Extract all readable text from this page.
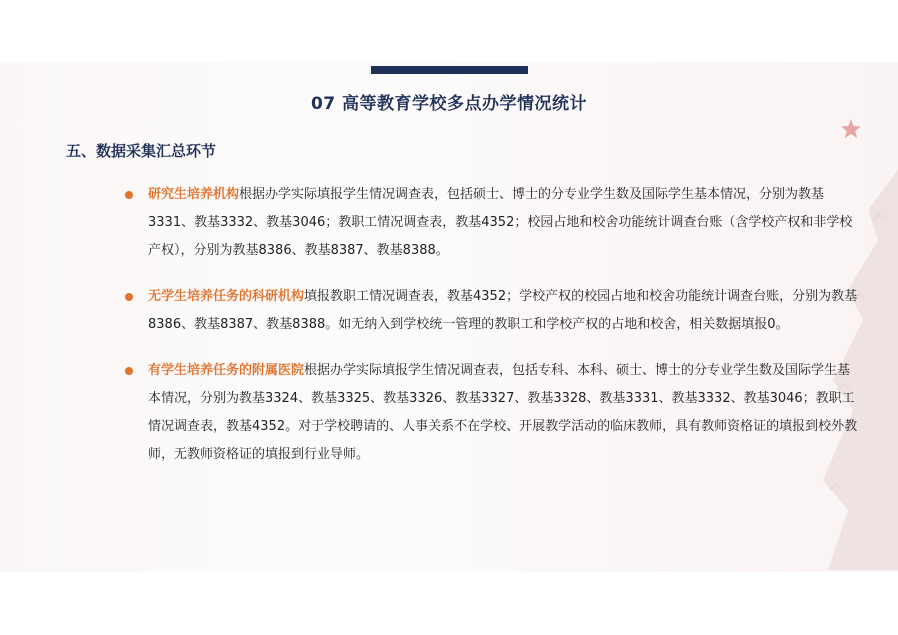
07 高等教育学校多点办学情况统计
五、数据采集汇总环节
研究生培养机构根据办学实际填报学生情况调查表，包括硕士、博士的分专业学生数及国际学生基本情况，分别为教基3331、教基3332、教基3046；教职工情况调查表，教基4352；校园占地和校舍功能统计调查台账（含学校产权和非学校产权），分别为教基8386、教基8387、教基8388。
无学生培养任务的科研机构填报教职工情况调查表，教基4352；学校产权的校园占地和校舍功能统计调查台账，分别为教基8386、教基8387、教基8388。如无纳入到学校统一管理的教职工和学校产权的占地和校舍，相关数据填报0。
有学生培养任务的附属医院根据办学实际填报学生情况调查表，包括专科、本科、硕士、博士的分专业学生数及国际学生基本情况，分别为教基3324、教基3325、教基3326、教基3327、教基3328、教基3331、教基3332、教基3046；教职工情况调查表，教基4352。对于学校聘请的、人事关系不在学校、开展教学活动的临床教师，具有教师资格证的填报到校外教师，无教师资格证的填报到行业导师。
